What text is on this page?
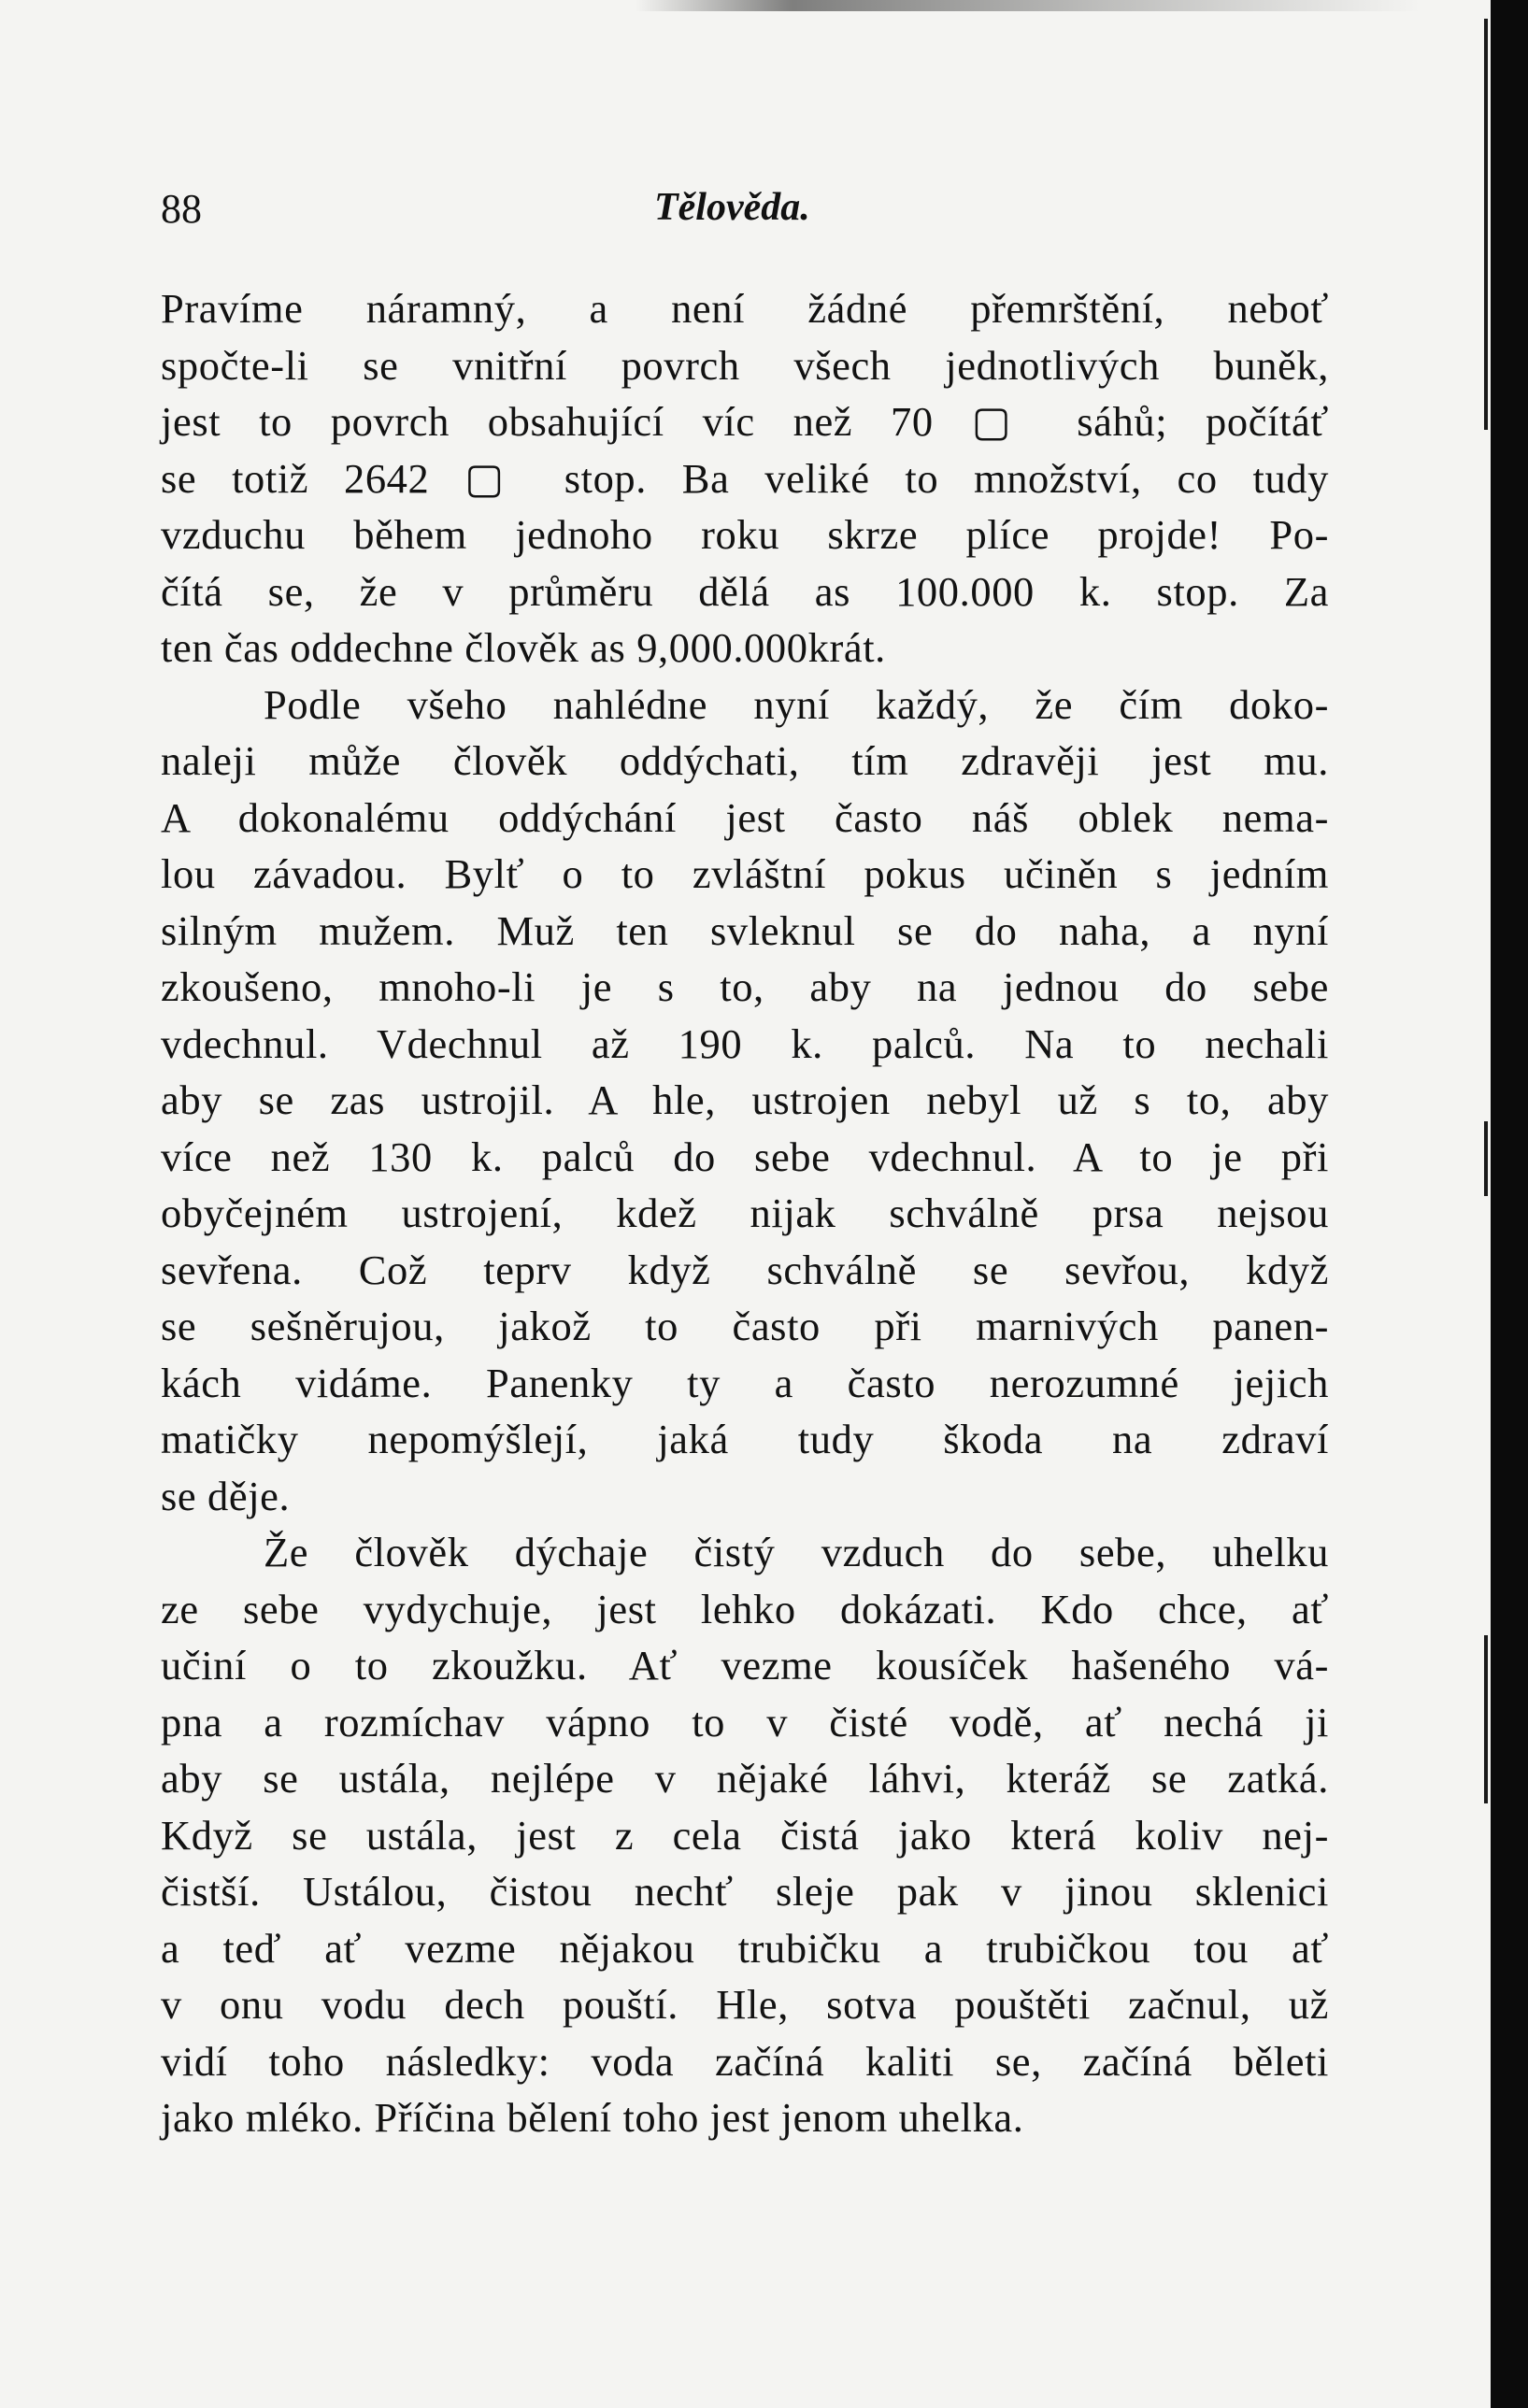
88	Tělověda.
Pravíme náramný, a není žádné přemrštění, neboť
spočte-li se vnitřní povrch všech jednotlivých buněk,
jest to povrch obsahující víc než 70 ▢ sáhů; počítáť
se totiž 2642 ▢ stop. Ba veliké to množství, co tudy
vzduchu během jednoho roku skrze plíce projde! Po-
čítá se, že v průměru dělá as 100.000 k. stop. Za
ten čas oddechne člověk as 9,000.000krát.
Podle všeho nahlédne nyní každý, že čím doko-
naleji může člověk oddýchati, tím zdravěji jest mu.
A dokonalému oddýchání jest často náš oblek nema-
lou závadou. Bylť o to zvláštní pokus učiněn s jedním
silným mužem. Muž ten svleknul se do naha, a nyní
zkoušeno, mnoho-li je s to, aby na jednou do sebe
vdechnul. Vdechnul až 190 k. palců. Na to nechali
aby se zas ustrojil. A hle, ustrojen nebyl už s to, aby
více než 130 k. palců do sebe vdechnul. A to je při
obyčejném ustrojení, kdež nijak schválně prsa nejsou
sevřena. Což teprv když schválně se sevřou, když
se sešněrujou, jakož to často při marnivých panen-
kách vidáme. Panenky ty a často nerozumné jejich
matičky nepomýšlejí, jaká tudy škoda na zdraví
se děje.
Že člověk dýchaje čistý vzduch do sebe, uhelku
ze sebe vydychuje, jest lehko dokázati. Kdo chce, ať
učiní o to zkoužku. Ať vezme kousíček hašeného vá-
pna a rozmíchav vápno to v čisté vodě, ať nechá ji
aby se ustála, nejlépe v nějaké láhvi, kteráž se zatká.
Když se ustála, jest z cela čistá jako která koliv nej-
čistší. Ustálou, čistou nechť sleje pak v jinou sklenici
a teď ať vezme nějakou trubičku a trubičkou tou ať
v onu vodu dech pouští. Hle, sotva pouštěti začnul, už
vidí toho následky: voda začíná kaliti se, začíná běleti
jako mléko. Příčina bělení toho jest jenom uhelka.
